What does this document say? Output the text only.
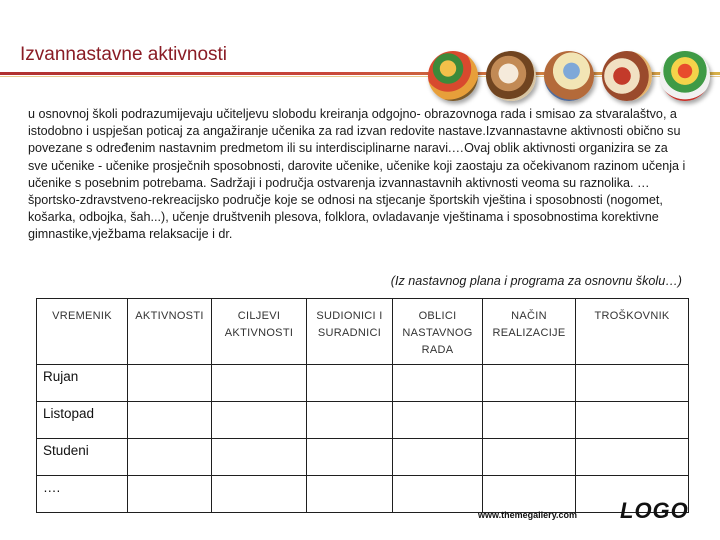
Izvannastavne aktivnosti
u osnovnoj školi podrazumijevaju učiteljevu slobodu kreiranja odgojno- obrazovnoga rada i smisao za stvaralaštvo, a istodobno i uspješan poticaj za angažiranje učenika za rad izvan redovite nastave.Izvannastavne aktivnosti obično su povezane s određenim nastavnim predmetom ili su interdisciplinarne naravi.…Ovaj oblik aktivnosti organizira se za sve učenike - učenike prosječnih sposobnosti, darovite učenike, učenike koji zaostaju za očekivanom razinom učenja i učenike s posebnim potrebama. Sadržaji i područja ostvarenja izvannastavnih aktivnosti veoma su raznolika. …športsko-zdravstveno-rekreacijsko područje koje se odnosi na stjecanje športskih vještina i sposobnosti (nogomet, košarka, odbojka, šah...), učenje društvenih plesova, folklora, ovladavanje vještinama i sposobnostima korektivne gimnastike,vježbama relaksacije i dr.
(Iz nastavnog plana i programa za osnovnu školu…)
VREMENIK	AKTIVNOSTI	CILJEVI AKTIVNOSTI	SUDIONICI I SURADNICI	OBLICI NASTAVNOG RADA	NAČIN REALIZACIJE	TROŠKOVNIK
Rujan						
Listopad						
Studeni						
….						
www.themegallery.com LOGO
